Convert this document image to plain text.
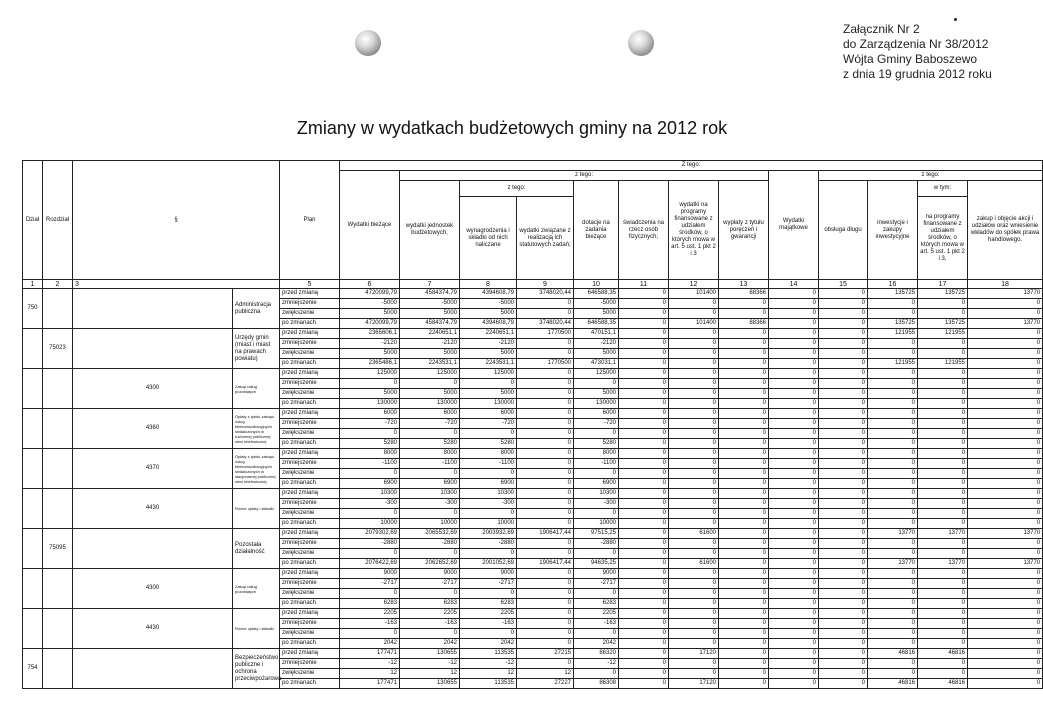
Załącznik Nr 2
do Zarządzenia Nr 38/2012
Wójta Gminy Baboszewo
z dnia 19 grudnia 2012 roku
Zmiany w wydatkach budżetowych gminy na 2012 rok
Dział	Rozdział	§		Plan	Z tego:													
					Wydatki bieżące	z tego:							Wydatki majątkowe	z tego:				
						wydatki jednostek budżetowych,	z tego:		dotacje na zadania bieżące	świadczenia na rzecz osób fizycznych;	wydatki na programy finansowane z udziałem środków, o których mowa w art. 5 ust. 1 pkt 2 i 3	wypłaty z tytułu poręczeń i gwarancji		obsługa długu	inwestycje i zakupy inwestycyjne	w tym:	zakup i objęcie akcji i udziałów oraz wniesienie wkładów do spółek prawa handlowego.	
							wynagrodzenia i składki od nich naliczane	wydatki związane z realizacją ich statutowych zadań;								na programy finansowane z udziałem środków, o których mowa w art. 5 ust. 1 pkt 2 i 3,		
1	2	3		5	6	7	8	9	10	11	12	13	14	15	16	17	18	
750			Administracja publiczna	przed zmianą	4720099,79	4584374,79	4394608,79	3748020,44	646588,35	0	101400	88366	0	0	135725	135725	13770	
				zmniejszenie	-5000	-5000	-5000	0	-5000	0	0	0	0	0	0	0	0	
				zwiększenie	5000	5000	5000	0	5000	0	0	0	0	0	0	0	0	
				po zmianach	4720099,79	4584374,79	4394608,79	3748020,44	646588,35	0	101400	88366	0	0	135725	135725	13770	
	75023		Urzędy gmin (miast i miast na prawach powiatu)	przed zmianą	2365606,1	2240651,1	2240651,1	1770500	470151,1	0	0	0	0	0	121955	121955	0	
				zmniejszenie	-2120	-2120	-2120	0	-2120	0	0	0	0	0	0	0	0	
				zwiększenie	5000	5000	5000	0	5000	0	0	0	0	0	0	0	0	
				po zmianach	2365486,1	2243531,1	2243531,1	1770500	473031,1	0	0	0	0	0	121955	121955	0	
		4300	Zakup usług pozostałych	przed zmianą	125000	125000	125000	0	125000	0	0	0	0	0	0	0	0	
				zmniejszenie	0	0	0	0	0	0	0	0	0	0	0	0	0	
				zwiększenie	5000	5000	5000	0	5000	0	0	0	0	0	0	0	0	
				po zmianach	130000	130000	130000	0	130000	0	0	0	0	0	0	0	0	
		4360	Opłaty z tytułu zakupu usług telekomunikacyjnych świadczonych w ruchomej publicznej sieci telefonicznej	przed zmianą	6000	6000	6000	0	6000	0	0	0	0	0	0	0	0	
				zmniejszenie	-720	-720	-720	0	-720	0	0	0	0	0	0	0	0	
				zwiększenie	0	0	0	0	0	0	0	0	0	0	0	0	0	
				po zmianach	5280	5280	5280	0	5280	0	0	0	0	0	0	0	0	
		4370	Opłaty z tytułu zakupu usług telekomunikacyjnych świadczonych w stacjonarnej publicznej sieci telefonicznej.	przed zmianą	8000	8000	8000	0	8000	0	0	0	0	0	0	0	0	
				zmniejszenie	-1100	-1100	-1100	0	-1100	0	0	0	0	0	0	0	0	
				zwiększenie	0	0	0	0	0	0	0	0	0	0	0	0	0	
				po zmianach	6900	6900	6900	0	6900	0	0	0	0	0	0	0	0	
		4430	Różne opłaty i składki	przed zmianą	10300	10300	10300	0	10300	0	0	0	0	0	0	0	0	
				zmniejszenie	-300	-300	-300	0	-300	0	0	0	0	0	0	0	0	
				zwiększenie	0	0	0	0	0	0	0	0	0	0	0	0	0	
				po zmianach	10000	10000	10000	0	10000	0	0	0	0	0	0	0	0	
	75095		Pozostała działalność	przed zmianą	2079302,69	2065532,69	2003932,69	1906417,44	97515,25	0	61600	0	0	0	13770	13770	13770	
				zmniejszenie	-2880	-2880	-2880	0	-2880	0	0	0	0	0	0	0	0	
				zwiększenie	0	0	0	0	0	0	0	0	0	0	0	0	0	
				po zmianach	2076422,69	2062652,69	2001052,69	1906417,44	94635,25	0	61600	0	0	0	13770	13770	13770	
		4300	Zakup usług pozostałych	przed zmianą	9000	9000	9000	0	9000	0	0	0	0	0	0	0	0	
				zmniejszenie	-2717	-2717	-2717	0	-2717	0	0	0	0	0	0	0	0	
				zwiększenie	0	0	0	0	0	0	0	0	0	0	0	0	0	
				po zmianach	6283	6283	6283	0	6283	0	0	0	0	0	0	0	0	
		4430	Różne opłaty i składki	przed zmianą	2205	2205	2205	0	2205	0	0	0	0	0	0	0	0	
				zmniejszenie	-163	-163	-163	0	-163	0	0	0	0	0	0	0	0	
				zwiększenie	0	0	0	0	0	0	0	0	0	0	0	0	0	
				po zmianach	2042	2042	2042	0	2042	0	0	0	0	0	0	0	0	
754			Bezpieczeństwo publiczne i ochrona przeciwpożarowa	przed zmianą	177471	130655	113535	27215	86320	0	17120	0	0	0	46816	46816	0	
				zmniejszenie	-12	-12	-12	0	-12	0	0	0	0	0	0	0	0	
				zwiększenie	12	12	12	12	0	0	0	0	0	0	0	0	0	
				po zmianach	177471	130655	113535	27227	86308	0	17120	0	0	0	46816	46816	0	
